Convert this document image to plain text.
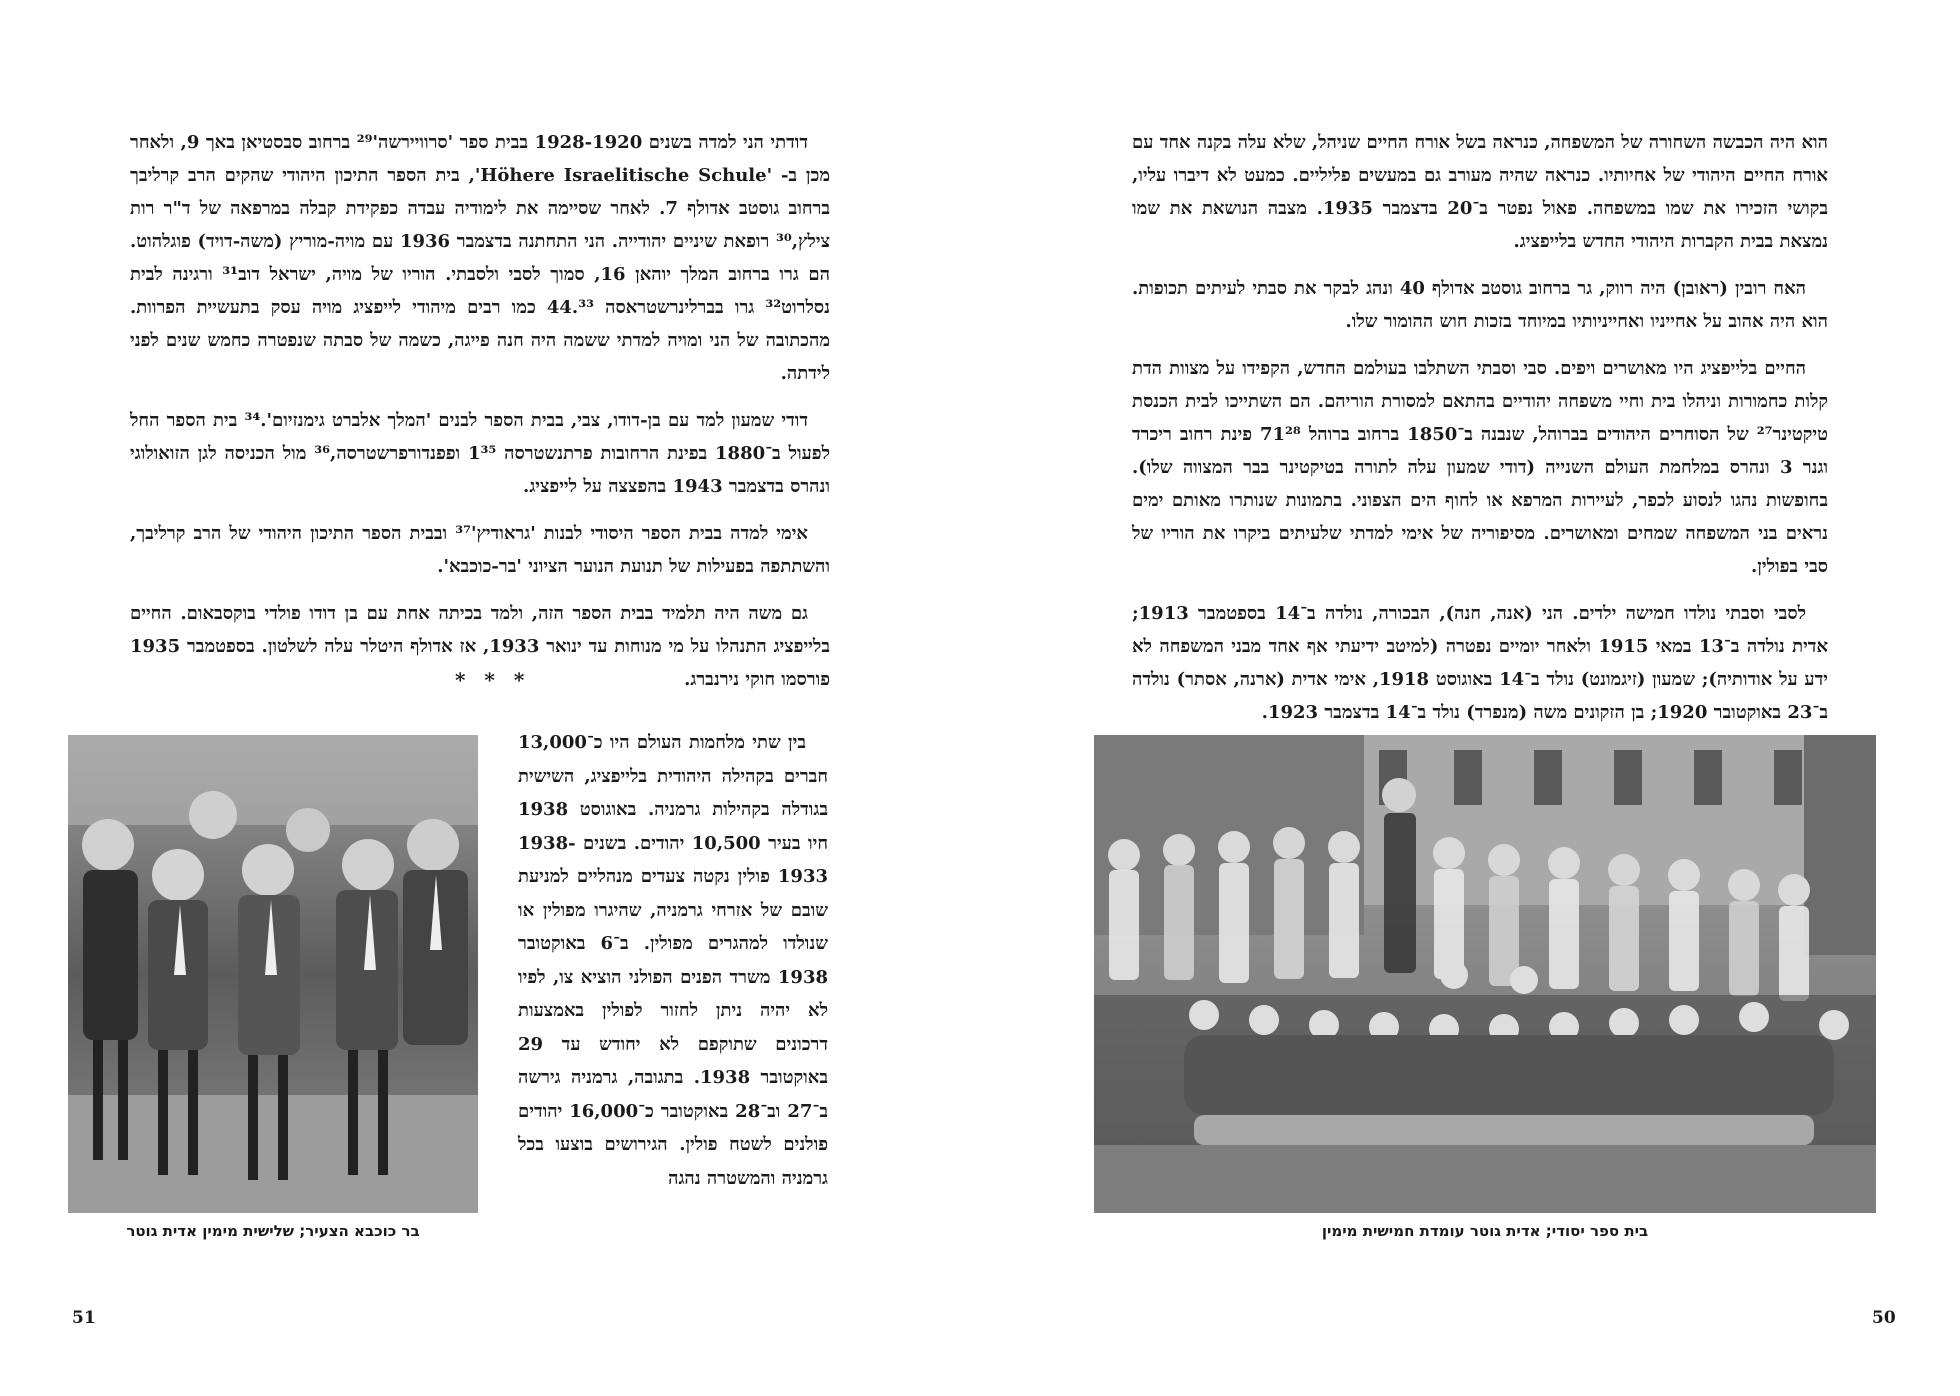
דודתי הני למדה בשנים 1928-1920 בבית ספר 'סרוויירשה'²⁹ ברחוב סבסטיאן באך 9, ולאחר מכן ב- 'Höhere Israelitische Schule', בית הספר התיכון היהודי שהקים הרב קרליבך ברחוב גוסטב אדולף 7. לאחר שסיימה את לימודיה עבדה כפקידת קבלה במרפאה של ד"ר רות צילץ,³⁰ רופאת שיניים יהודייה. הני התחתנה בדצמבר 1936 עם מויה-מוריץ (משה-דויד) פוגלהוט. הם גרו ברחוב המלך יוהאן 16, סמוך לסבי ולסבתי. הוריו של מויה, ישראל דוב³¹ ורגינה לבית נסלרוט³² גרו בברלינרשטראסה 44.³³ כמו רבים מיהודי לייפציג מויה עסק בתעשיית הפרוות. מהכתובה של הני ומויה למדתי ששמה היה חנה פייגה, כשמה של סבתה שנפטרה כחמש שנים לפני לידתה.

דודי שמעון למד עם בן-דודו, צבי, בבית הספר לבנים 'המלך אלברט גימנזיום'.³⁴ בית הספר החל לפעול ב־1880 בפינת הרחובות פרתנשטרסה 1³⁵ ופפנדורפרשטרסה,³⁶ מול הכניסה לגן הזואולוגי ונהרס בדצמבר 1943 בהפצצה על לייפציג.

אימי למדה בבית הספר היסודי לבנות 'גראודיץ'³⁷ ובבית הספר התיכון היהודי של הרב קרליבך, והשתתפה בפעילות של תנועת הנוער הציוני 'בר-כוכבא'.

גם משה היה תלמיד בבית הספר הזה, ולמד בכיתה אחת עם בן דודו פולדי בוקסבאום. החיים בלייפציג התנהלו על מי מנוחות עד ינואר 1933, אז אדולף היטלר עלה לשלטון. בספטמבר 1935 פורסמו חוקי נירנברג.

* * *
בר כוכבא הצעיר; שלישית מימין אדית גוטר

בין שתי מלחמות העולם היו כ־13,000 חברים בקהילה היהודית בלייפציג, השישית בגודלה בקהילות גרמניה. באוגוסט 1938 חיו בעיר 10,500 יהודים. בשנים 1938-1933 פולין נקטה צעדים מנהליים למניעת שובם של אזרחי גרמניה, שהיגרו מפולין או שנולדו למהגרים מפולין. ב־6 באוקטובר 1938 משרד הפנים הפולני הוציא צו, לפיו לא יהיה ניתן לחזור לפולין באמצעות דרכונים שתוקפם לא יחודש עד 29 באוקטובר 1938. בתגובה, גרמניה גירשה ב־27 וב־28 באוקטובר כ־16,000 יהודים פולנים לשטח פולין. הגירושים בוצעו בכל גרמניה והמשטרה נהגה

51

הוא היה הכבשה השחורה של המשפחה, כנראה בשל אורח החיים שניהל, שלא עלה בקנה אחד עם אורח החיים היהודי של אחיותיו. כנראה שהיה מעורב גם במעשים פליליים. כמעט לא דיברו עליו, בקושי הזכירו את שמו במשפחה. פאול נפטר ב־20 בדצמבר 1935. מצבה הנושאת את שמו נמצאת בבית הקברות היהודי החדש בלייפציג.

האח רובין (ראובן) היה רווק, גר ברחוב גוסטב אדולף 40 ונהג לבקר את סבתי לעיתים תכופות. הוא היה אהוב על אחייניו ואחייניותיו במיוחד בזכות חוש ההומור שלו.

החיים בלייפציג היו מאושרים ויפים. סבי וסבתי השתלבו בעולמם החדש, הקפידו על מצוות הדת קלות כחמורות וניהלו בית וחיי משפחה יהודיים בהתאם למסורת הוריהם. הם השתייכו לבית הכנסת טיקטינר²⁷ של הסוחרים היהודים בברוהל, שנבנה ב־1850 ברחוב ברוהל 71²⁸ פינת רחוב ריכרד וגנר 3 ונהרס במלחמת העולם השנייה (דודי שמעון עלה לתורה בטיקטינר בבר המצווה שלו). בחופשות נהגו לנסוע לכפר, לעיירות המרפא או לחוף הים הצפוני. בתמונות שנותרו מאותם ימים נראים בני המשפחה שמחים ומאושרים. מסיפוריה של אימי למדתי שלעיתים ביקרו את הוריו של סבי בפולין.

לסבי וסבתי נולדו חמישה ילדים. הני (אנה, חנה), הבכורה, נולדה ב־14 בספטמבר 1913; אדית נולדה ב־13 במאי 1915 ולאחר יומיים נפטרה (למיטב ידיעתי אף אחד מבני המשפחה לא ידע על אודותיה); שמעון (זיגמונט) נולד ב־14 באוגוסט 1918, אימי אדית (ארנה, אסתר) נולדה ב־23 באוקטובר 1920; בן הזקונים משה (מנפרד) נולד ב־14 בדצמבר 1923.

בית ספר יסודי; אדית גוטר עומדת חמישית מימין
50
